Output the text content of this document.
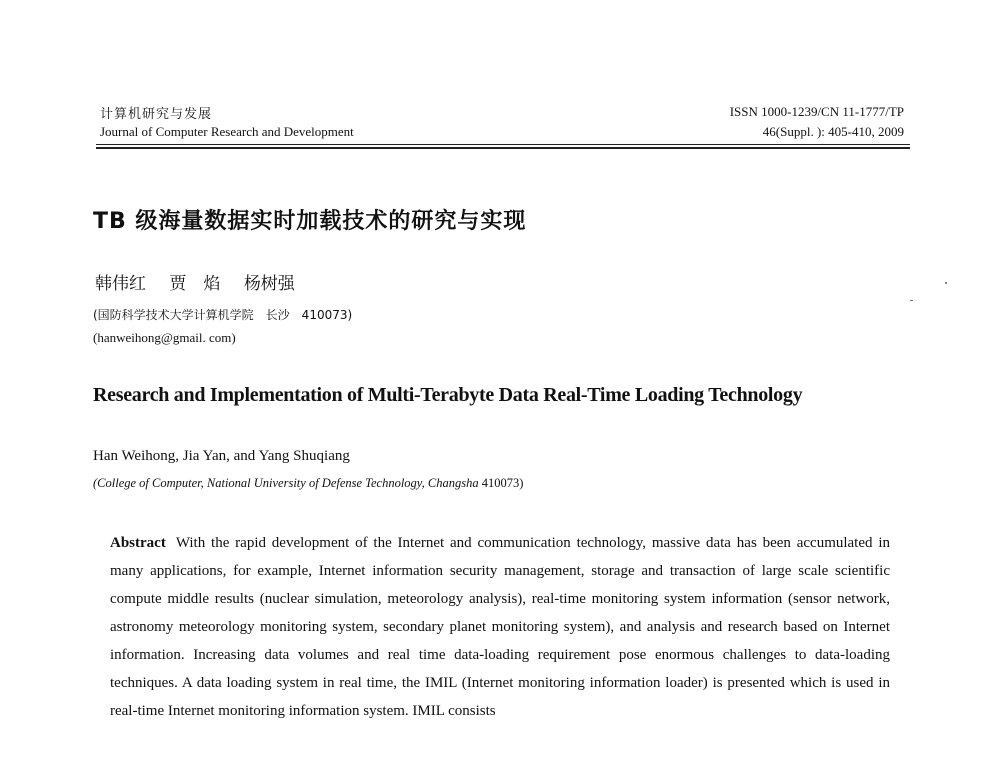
计算机研究与发展
Journal of Computer Research and Development
ISSN 1000-1239/CN 11-1777/TP
46(Suppl. ): 405-410, 2009
TB 级海量数据实时加载技术的研究与实现
韩伟红 贾　焰 杨树强
(国防科学技术大学计算机学院　长沙　410073)
(hanweihong@gmail. com)
Research and Implementation of Multi-Terabyte Data Real-Time Loading Technology
Han Weihong, Jia Yan, and Yang Shuqiang
(College of Computer, National University of Defense Technology, Changsha 410073)
Abstract With the rapid development of the Internet and communication technology, massive data has been accumulated in many applications, for example, Internet information security management, storage and transaction of large scale scientific compute middle results (nuclear simulation, meteorology analysis), real-time monitoring system information (sensor network, astronomy meteorology monitoring system, secondary planet monitoring system), and analysis and research based on Internet information. Increasing data volumes and real time data-loading requirement pose enormous challenges to data-loading techniques. A data loading system in real time, the IMIL (Internet monitoring information loader) is presented which is used in real-time Internet monitoring information system. IMIL consists
